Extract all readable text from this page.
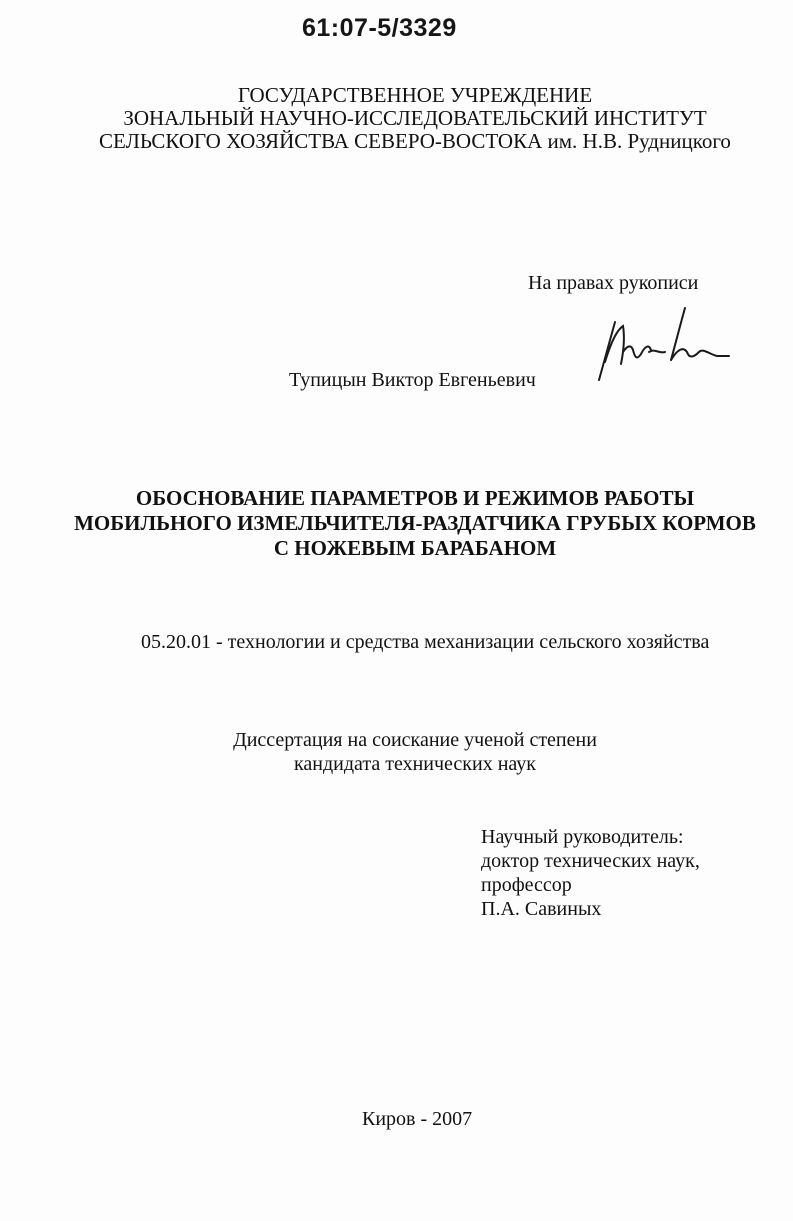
61:07-5/3329
ГОСУДАРСТВЕННОЕ УЧРЕЖДЕНИЕ
ЗОНАЛЬНЫЙ НАУЧНО-ИССЛЕДОВАТЕЛЬСКИЙ ИНСТИТУТ
СЕЛЬСКОГО ХОЗЯЙСТВА СЕВЕРО-ВОСТОКА им. Н.В. Рудницкого
На правах рукописи
Тупицын Виктор Евгеньевич
ОБОСНОВАНИЕ ПАРАМЕТРОВ И РЕЖИМОВ РАБОТЫ
МОБИЛЬНОГО ИЗМЕЛЬЧИТЕЛЯ-РАЗДАТЧИКА ГРУБЫХ КОРМОВ
С НОЖЕВЫМ БАРАБАНОМ
05.20.01 - технологии и средства механизации сельского хозяйства
Диссертация на соискание ученой степени
кандидата технических наук
Научный руководитель:
доктор технических наук,
профессор
П.А. Савиных
Киров - 2007
